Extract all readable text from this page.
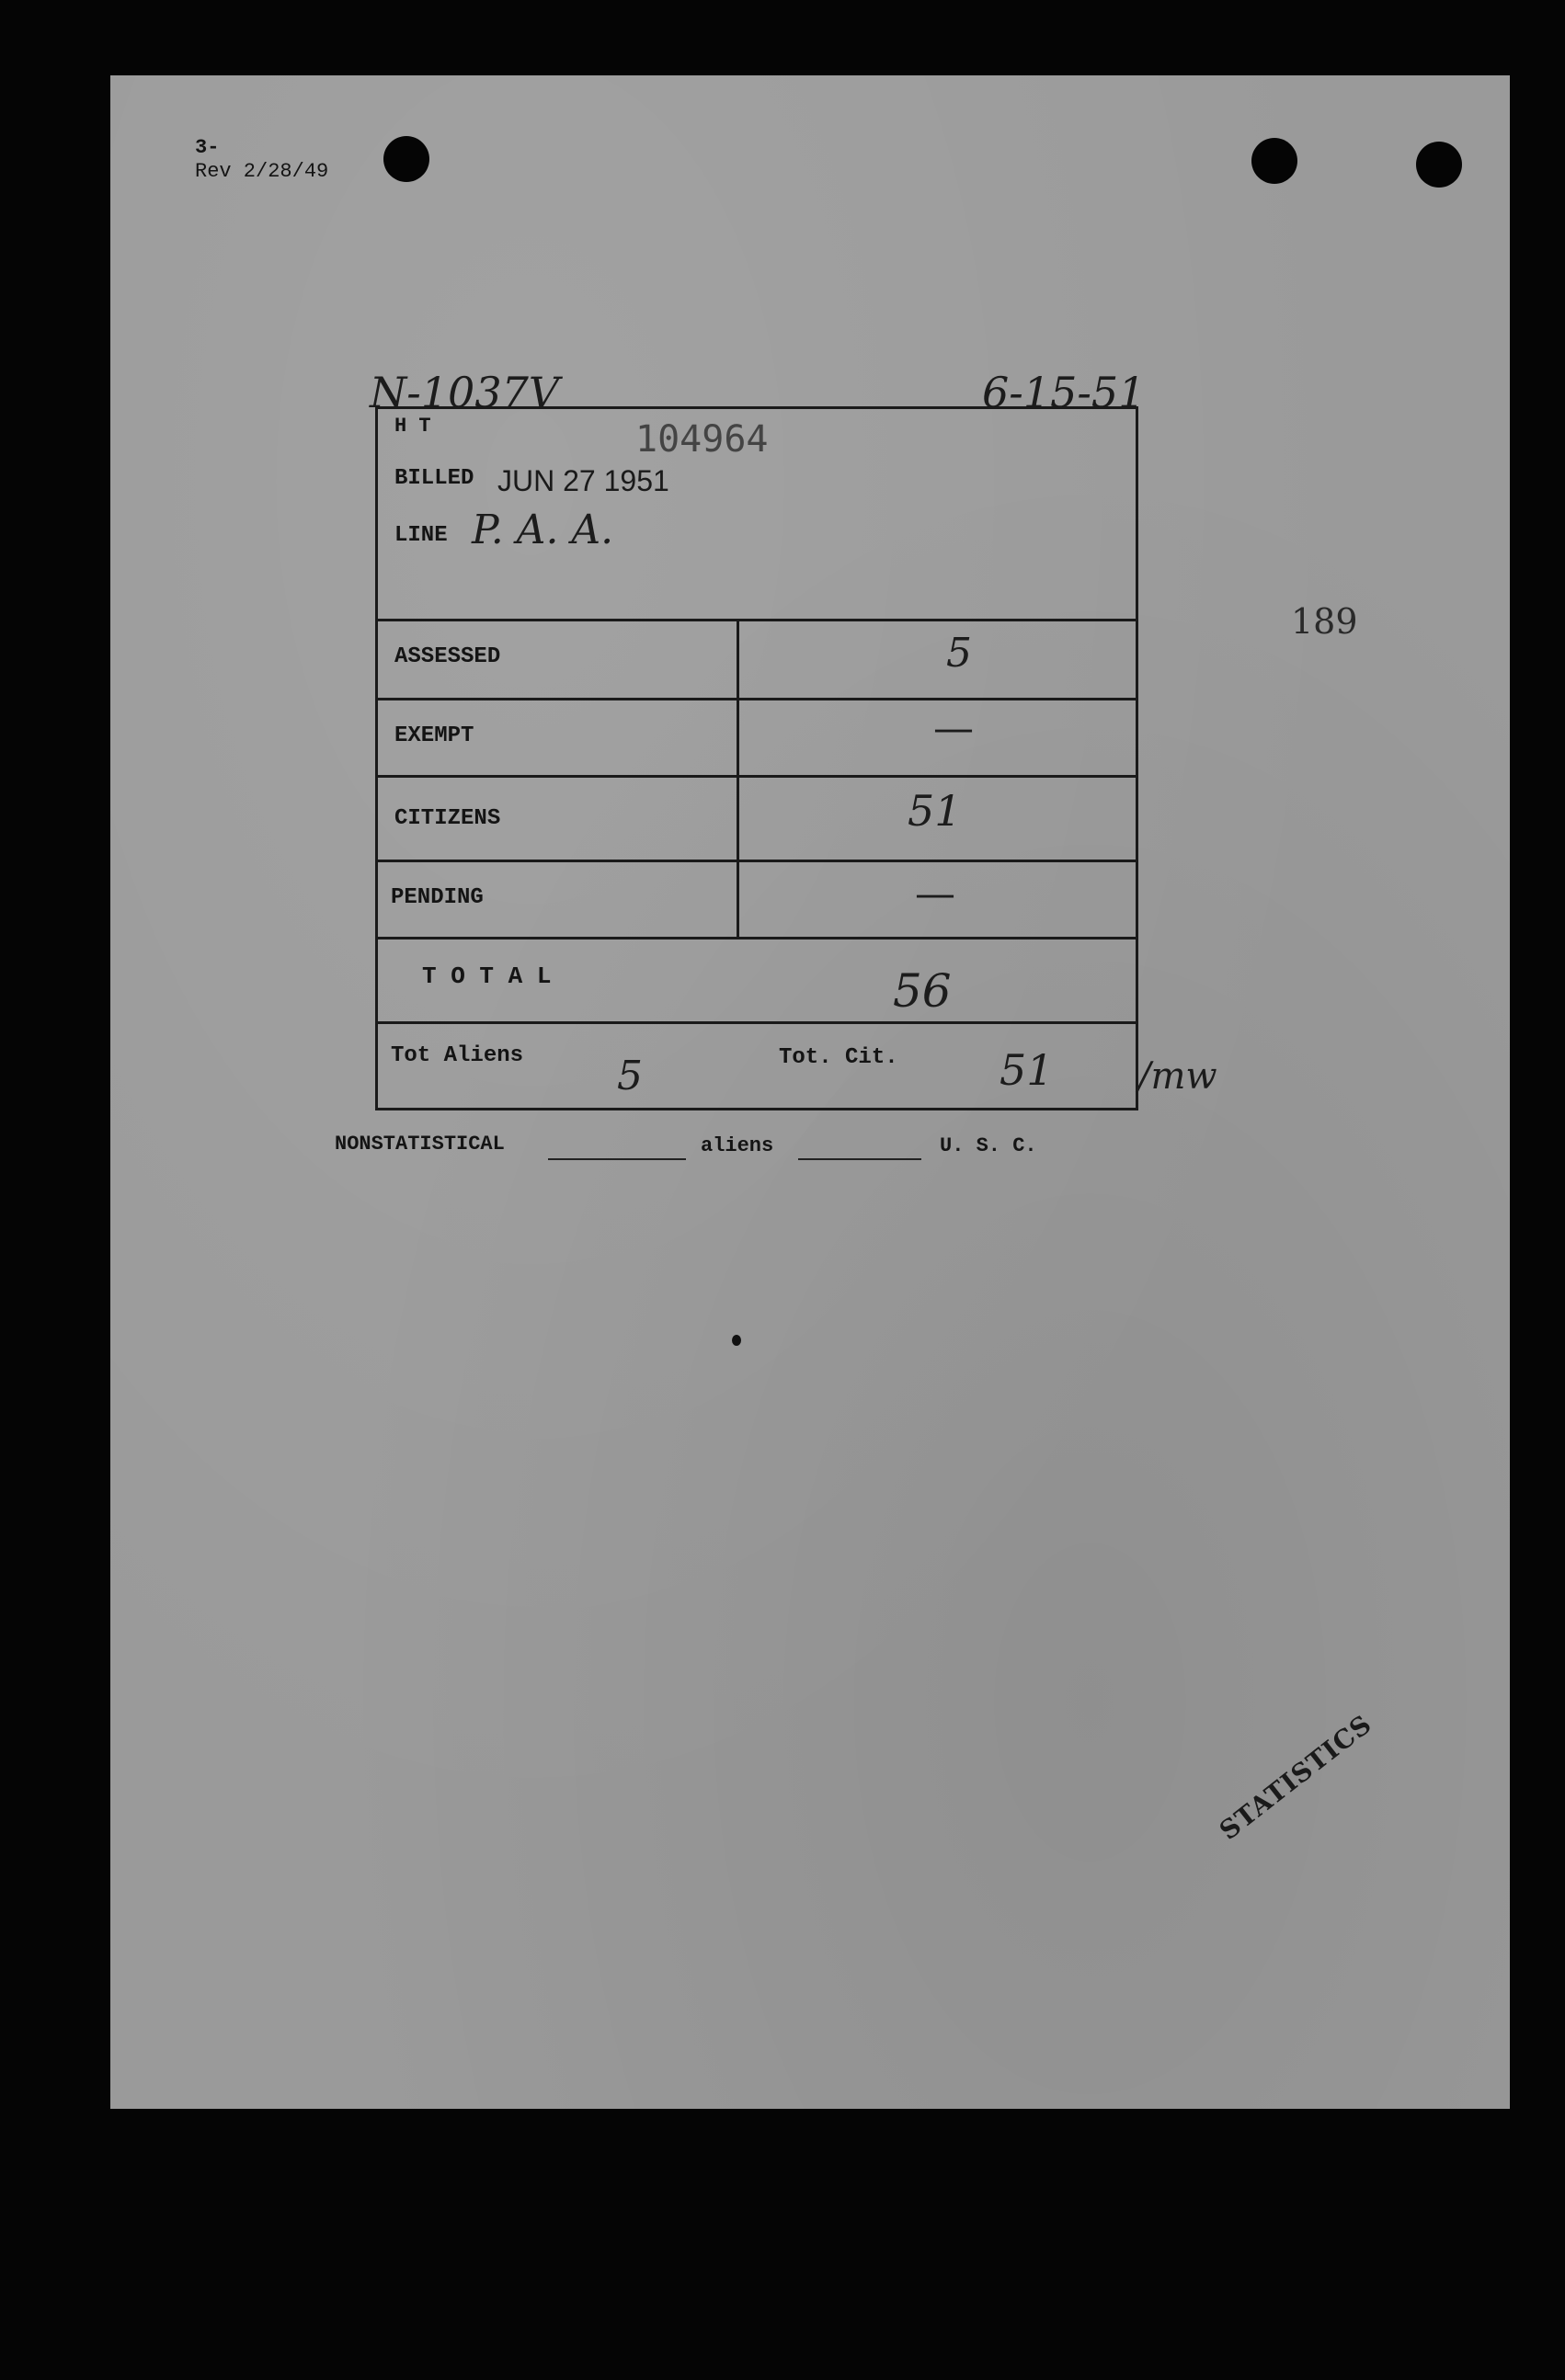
3-
Rev 2/28/49
N-1037V	6-15-51
189
H T	104964
BILLED JUN 27 1951
LINE P. A. A.
ASSESSED	5
EXEMPT	—
CITIZENS	51
PENDING	—
T O T A L	56
Tot Aliens 5	Tot. Cit. 51 /mw
NONSTATISTICAL	aliens	U. S. C.
STATISTICS
